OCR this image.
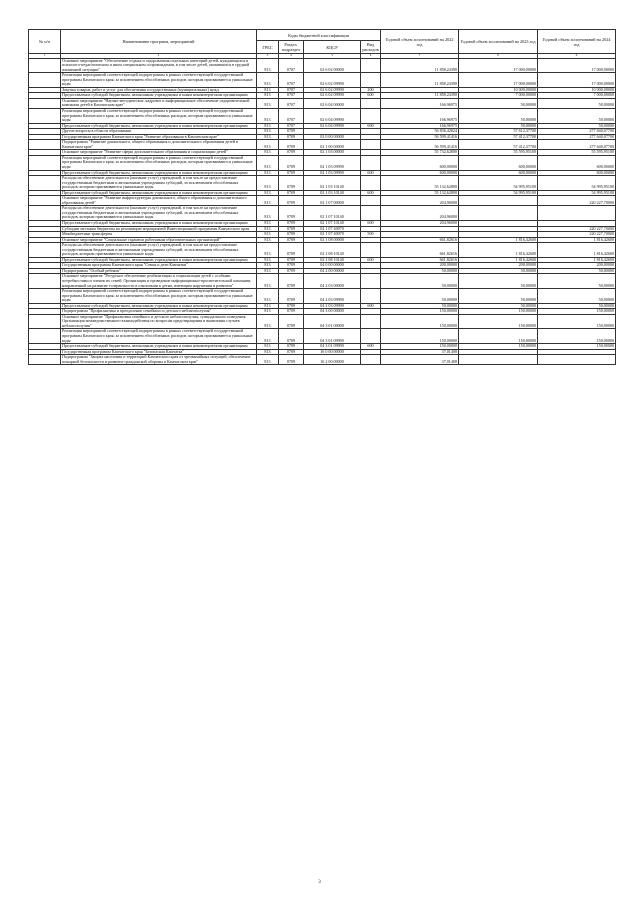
№ п/п	Наименование программ, мероприятий	Коды бюджетной классификации				Годовой объем ассигнований на 2022 год	Годовой объем ассигнований на 2023 год	Годовой объем ассигнований на 2024 год
		ГРБС	Раздел, подраздел	КЦСР	Вид расходов			
1	2	3	4	5	6	7	8	9
	Основное мероприятие "Обеспечение отдыха и оздоровления отдельных категорий детей, нуждающихся в психолого-педагогическом и ином специальном сопровождении, в том числе детей, оказавшихся в трудной жизненной ситуации"	813	0707	02 6 02 00000		11 858,24390	17 000,00000	17 000,00000
	Реализация мероприятий соответствующей подпрограммы в рамках соответствующей государственной программы Камчатского края, за исключением обособленных расходов, которым присваиваются уникальные коды	813	0707	02 6 02 09990		11 858,24390	17 000,00000	17 000,00000
	Закупка товаров, работ и услуг для обеспечения государственных (муниципальных) нужд	813	0707	02 6 02 09990	200		10 000,00000	10 000,00000
	Предоставление субсидий бюджетным, автономным учреждениям и иным некоммерческим организациям	813	0707	02 6 02 09990	600	11 858,24390	7 000,00000	7 000,00000
	Основное мероприятие "Научно-методическое, кадровое и информационное обеспечение оздоровительной кампании детей в Камчатском крае"	813	0707	02 6 04 00000		166,96975	50,00000	50,00000
	Реализация мероприятий соответствующей подпрограммы в рамках соответствующей государственной программы Камчатского края, за исключением обособленных расходов, которым присваиваются уникальные коды	813	0707	02 6 04 09990		166,96975	50,00000	50,00000
	Предоставление субсидий бюджетным, автономным учреждениям и иным некоммерческим организациям	813	0707	02 6 04 09990	600	166,96975	50,00000	50,00000
	Другие вопросы в области образования	813	0709			56 836,42824	57 612,37700	277 840,07700
	Государственная программа Камчатского края "Развитие образования в Камчатском крае"	813	0709	02 0 00 00000		56 599,41416	57 412,37700	277 640,07700
	Подпрограмма "Развитие дошкольного, общего образования и дополнительного образования детей в Камчатском крае"	813	0709	02 1 00 00000		56 599,41416	57 412,37700	277 640,07700
	Основное мероприятие "Развитие сферы дополнительного образования и социализации детей"	813	0709	02 1 03 00000		55 732,62800	55 595,95100	55 595,95100
	Реализация мероприятий соответствующей подпрограммы в рамках соответствующей государственной программы Камчатского края, за исключением обособленных расходов, которым присваиваются уникальные коды	813	0709	02 1 03 09990		600,00000	600,00000	600,00000
	Предоставление субсидий бюджетным, автономным учреждениям и иным некоммерческим организациям	813	0709	02 1 03 09990	600	600,00000	600,00000	600,00000
	Расходы на обеспечение деятельности (оказание услуг) учреждений, в том числе на предоставление государственным бюджетным и автономным учреждениям субсидий, за исключением обособленных расходов, которым присваиваются уникальные коды	813	0709	02 1 03 10140		55 132,62800	54 995,95100	54 995,95100
	Предоставление субсидий бюджетным, автономным учреждениям и иным некоммерческим организациям	813	0709	02 1 03 10140	600	55 132,62800	54 995,95100	54 995,95100
	Основное мероприятие "Развитие инфраструктуры дошкольного, общего образования и дополнительного образования детей"	813	0709	02 1 07 00000		204,96000		220 227,70000
	Расходы на обеспечение деятельности (оказание услуг) учреждений, в том числе на предоставление государственным бюджетным и автономным учреждениям субсидий, за исключением обособленных расходов, которым присваиваются уникальные коды	813	0709	02 1 07 10140		204,96000		
	Предоставление субсидий бюджетным, автономным учреждениям и иным некоммерческим организациям	813	0709	02 1 07 10140	600	204,96000		
	Субсидии местным бюджетам на реализацию мероприятий Инвестиционной программы Камчатского края	813	0709	02 1 07 40070				220 227,70000
	Межбюджетные трансферты	813	0709	02 1 07 40070	500			220 227,70000
	Основное мероприятие "Социальные гарантии работникам образовательных организаций"	813	0709	02 1 08 00000		661,82616	1 816,42600	1 816,42600
	Расходы на обеспечение деятельности (оказание услуг) учреждений, в том числе на предоставление государственным бюджетным и автономным учреждениям субсидий, за исключением обособленных расходов, которым присваиваются уникальные коды	813	0709	02 1 08 10140		661,82616	1 816,42600	1 816,42600
	Предоставление субсидий бюджетным, автономным учреждениям и иным некоммерческим организациям	813	0709	02 1 08 10140	600	661,82616	1 816,42600	1 816,42600
	Государственная программа Камчатского края "Семья и дети Камчатки"	813	0709	04 0 00 00000		200,00000	200,00000	200,00000
	Подпрограмма "Особый ребенок"	813	0709	04 2 00 00000		50,00000	50,00000	50,00000
	Основное мероприятие "Ресурсное обеспечение реабилитации и социализации детей с особыми потребностями и членов их семей. Организация и проведение информационно-просветительской кампании, направленной на развитие толерантности в отношении к детям, имеющим нарушения в развитии"	813	0709	04 2 03 00000		50,00000	50,00000	50,00000
	Реализация мероприятий соответствующей подпрограммы в рамках соответствующей государственной программы Камчатского края, за исключением обособленных расходов, которым присваиваются уникальные коды	813	0709	04 2 03 09990		50,00000	50,00000	50,00000
	Предоставление субсидий бюджетным, автономным учреждениям и иным некоммерческим организациям	813	0709	04 2 03 09990	600	50,00000	50,00000	50,00000
	Подпрограмма "Профилактика и преодоление семейного и детского неблагополучия"	813	0709	04 3 00 00000		150,00000	150,00000	150,00000
	Основное мероприятие "Профилактика семейного и детского неблагополучия, суицидального поведения. Организация межведомственного взаимодействия по вопросам предотвращения и выявления случаев неблагополучия"	813	0709	04 3 01 00000		150,00000	150,00000	150,00000
	Реализация мероприятий соответствующей подпрограммы в рамках соответствующей государственной программы Камчатского края, за исключением обособленных расходов, которым присваиваются уникальные коды	813	0709	04 3 01 09990		150,00000	150,00000	150,00000
	Предоставление субсидий бюджетным, автономным учреждениям и иным некоммерческим организациям	813	0709	04 3 01 09990	600	150,00000	150,00000	150,00000
	Государственная программа Камчатского края "Безопасная Камчатка"	813	0709	16 0 00 00000		37,01408		
	Подпрограмма "Защита населения и территорий Камчатского края от чрезвычайных ситуаций, обеспечение пожарной безопасности и развитие гражданской обороны в Камчатском крае"	813	0709	16 2 00 00000		37,01408		
3
